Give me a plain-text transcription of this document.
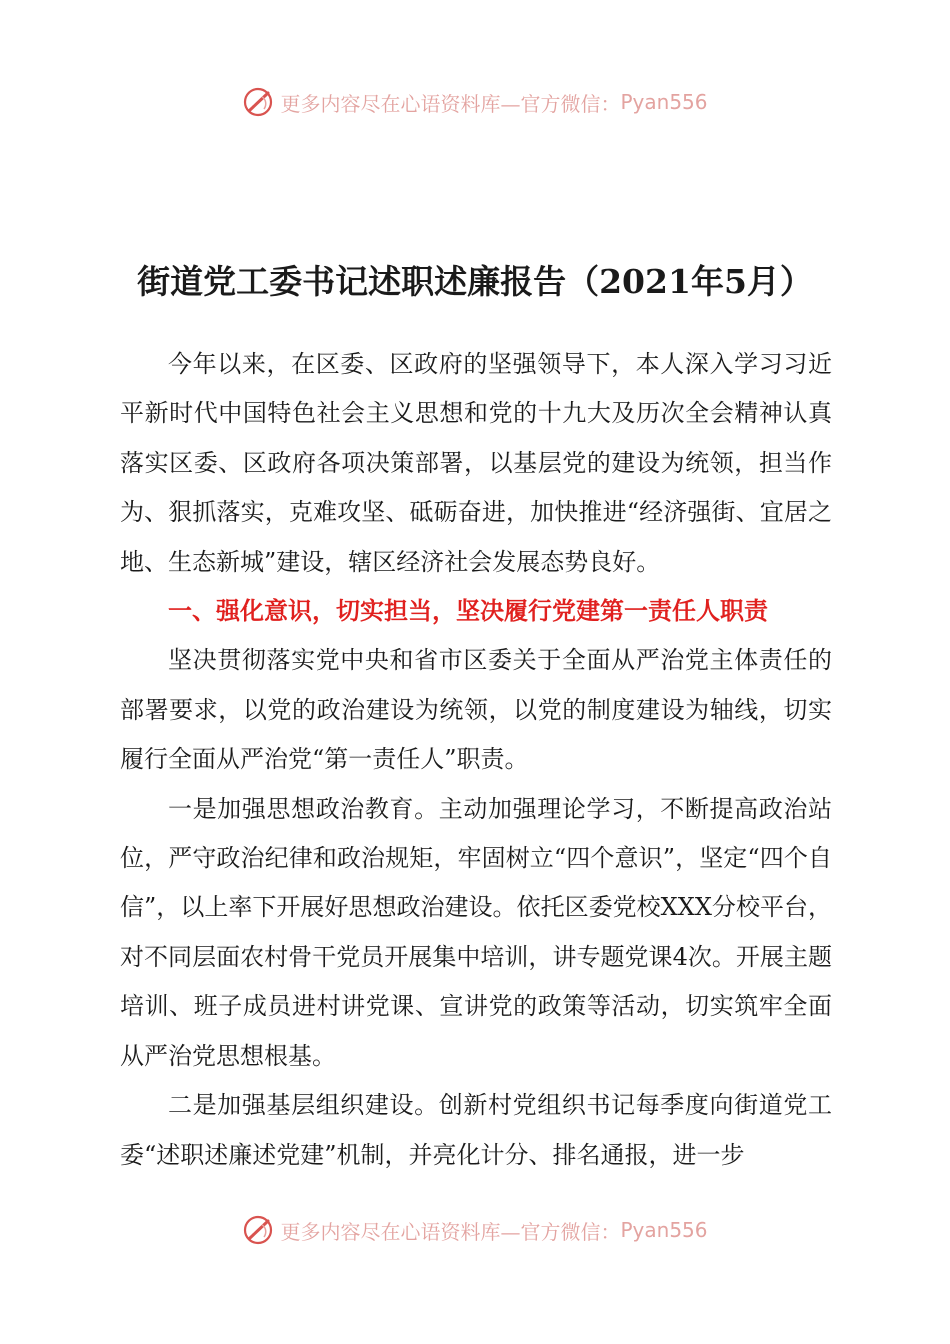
更多内容尽在心语资料库—官方微信： Pyan556
街道党工委书记述职述廉报告（2021年5月）

今年以来，在区委、区政府的坚强领导下，本人深入学习习近平新时代中国特色社会主义思想和党的十九大及历次全会精神认真落实区委、区政府各项决策部署，以基层党的建设为统领，担当作为、狠抓落实，克难攻坚、砥砺奋进，加快推进“经济强街、宜居之地、生态新城”建设，辖区经济社会发展态势良好。

一、强化意识，切实担当，坚决履行党建第一责任人职责

坚决贯彻落实党中央和省市区委关于全面从严治党主体责任的部署要求，以党的政治建设为统领，以党的制度建设为轴线，切实履行全面从严治党“第一责任人”职责。

一是加强思想政治教育。主动加强理论学习，不断提高政治站位，严守政治纪律和政治规矩，牢固树立“四个意识”，坚定“四个自信”，以上率下开展好思想政治建设。依托区委党校XXX分校平台，对不同层面农村骨干党员开展集中培训，讲专题党课4次。开展主题培训、班子成员进村讲党课、宣讲党的政策等活动，切实筑牢全面从严治党思想根基。

二是加强基层组织建设。创新村党组织书记每季度向街道党工委“述职述廉述党建”机制，并亮化计分、排名通报，进一步

更多内容尽在心语资料库—官方微信： Pyan556
